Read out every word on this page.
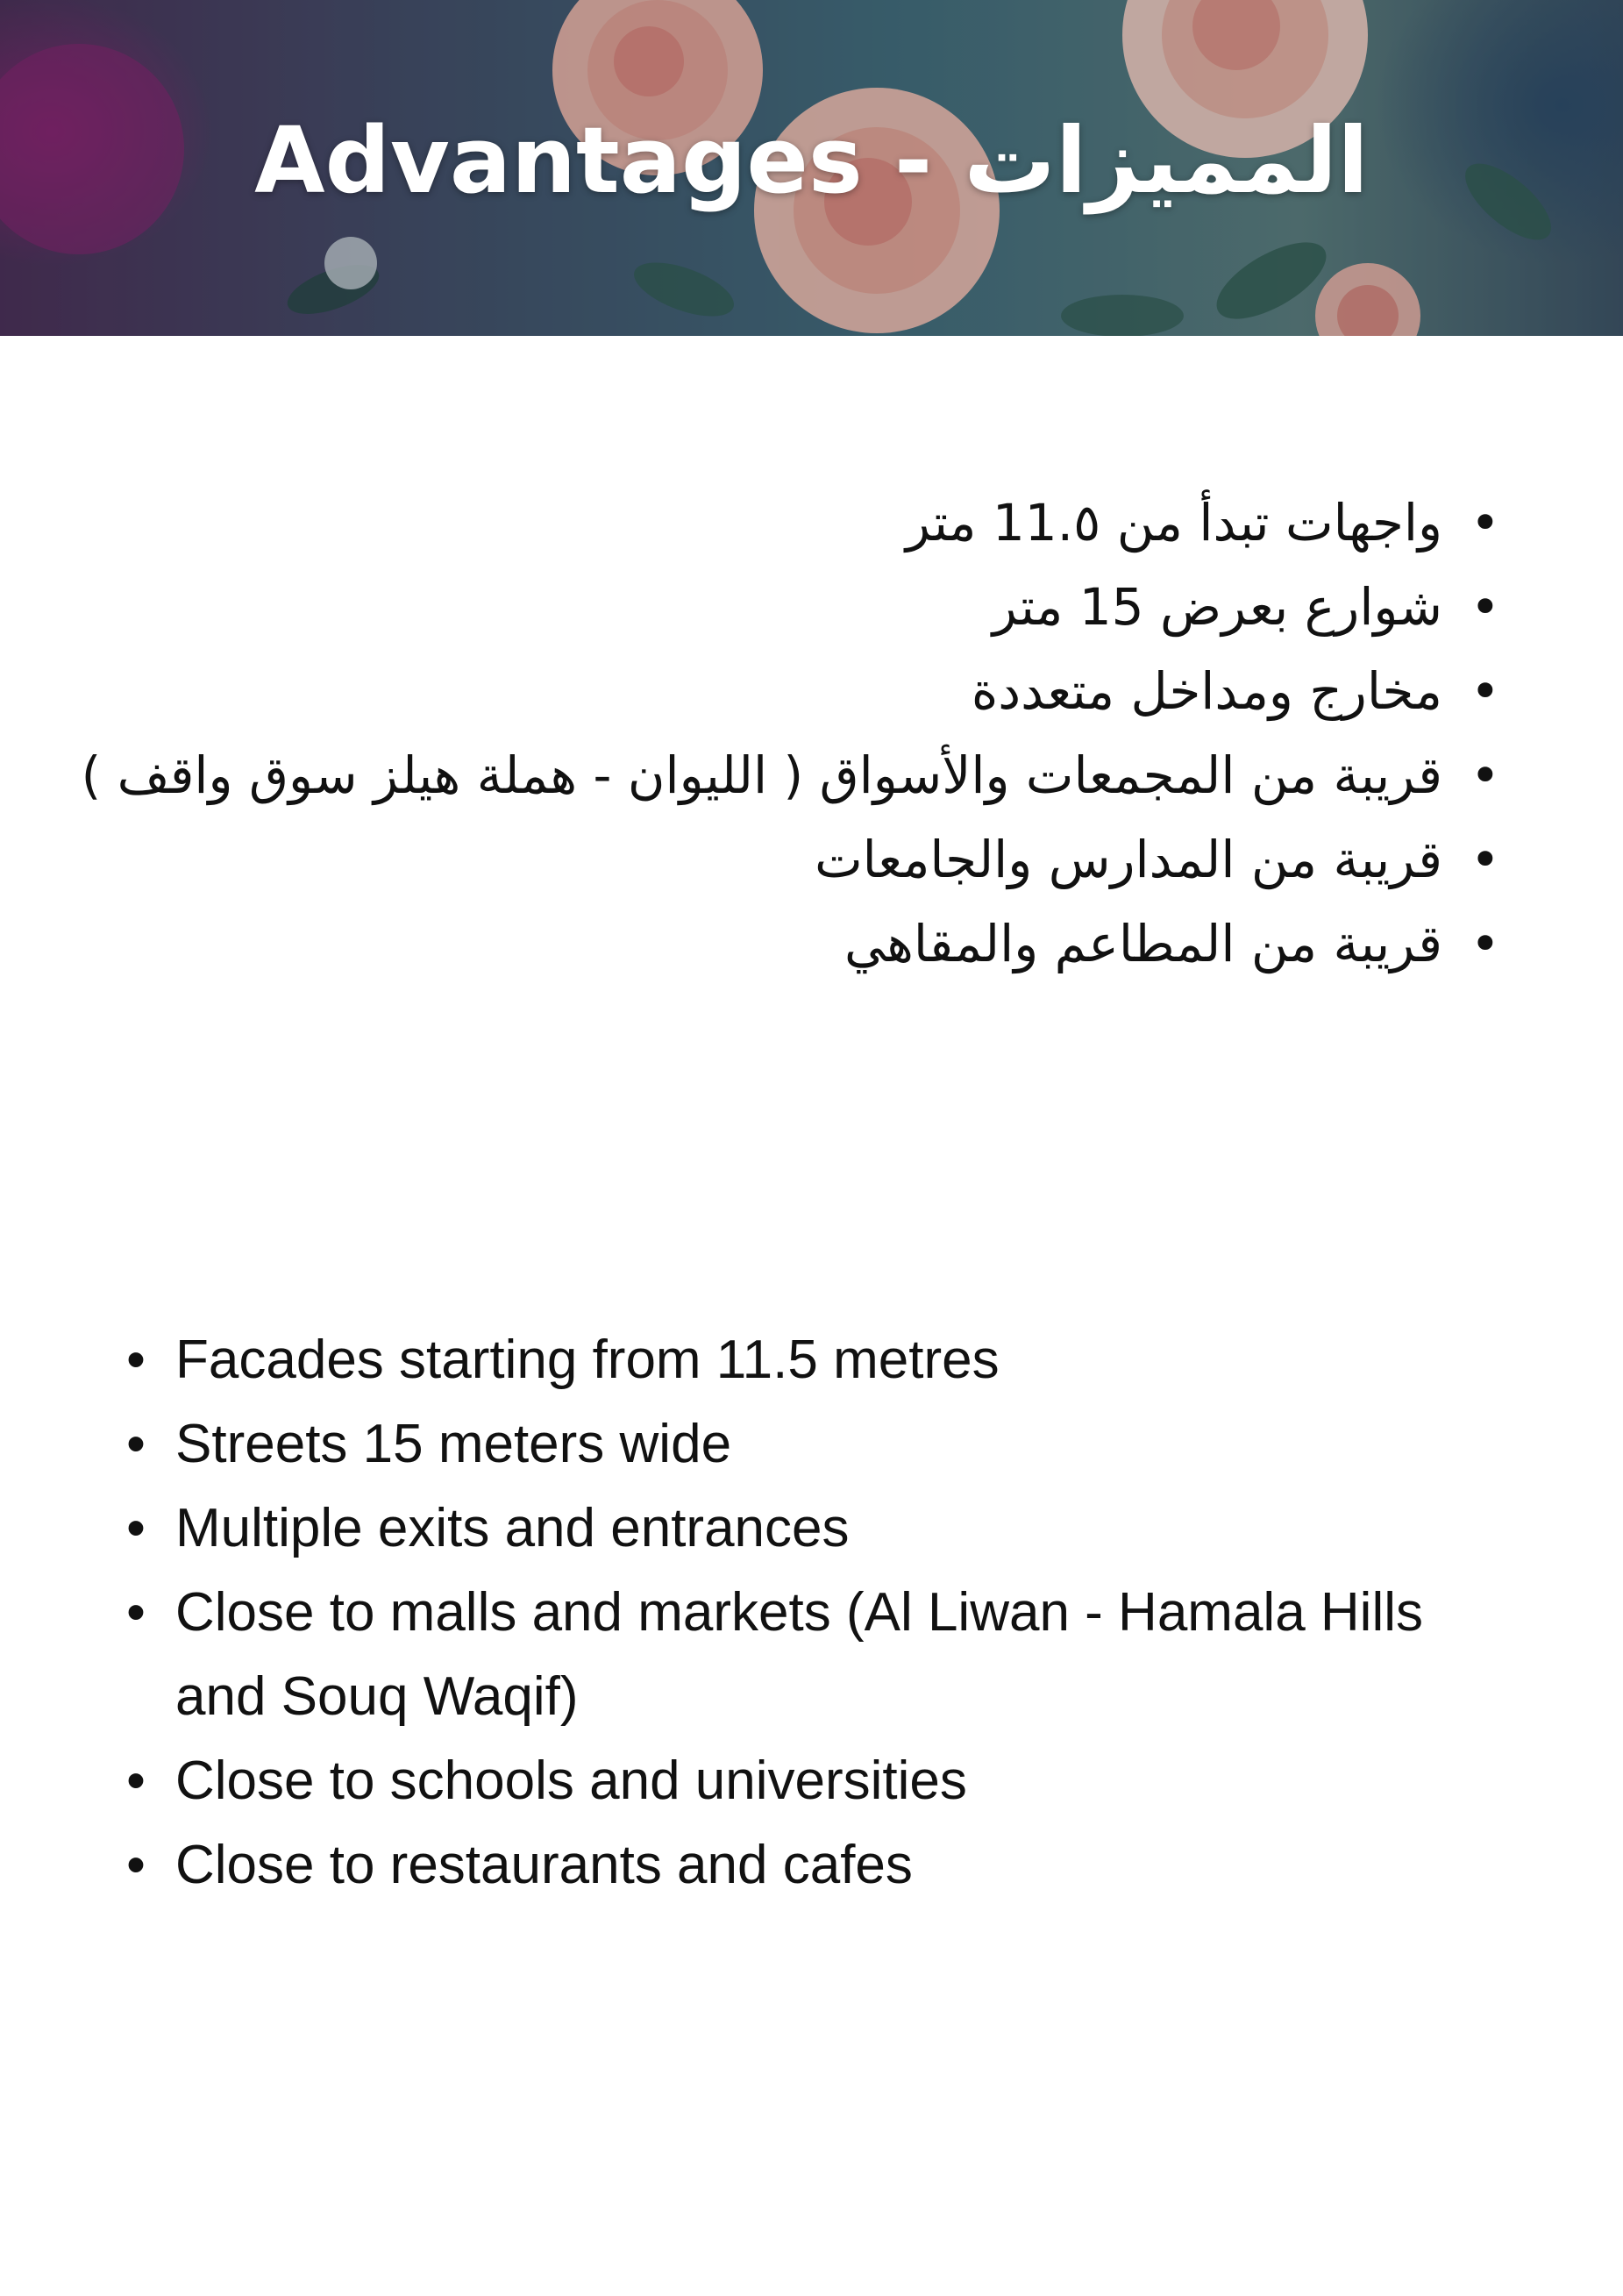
Advantages - المميزات
•
واجهات تبدأ من 11.٥ متر
•
شوارع بعرض 15 متر
•
مخارج ومداخل متعددة
•
قريبة من المجمعات والأسواق ( الليوان - هملة هيلز سوق واقف )
•
قريبة من المدارس والجامعات
•
قريبة من المطاعم والمقاهي
• Facades starting from 11.5 metres
• Streets 15 meters wide
• Multiple exits and entrances
• Close to malls and markets (Al Liwan - Hamala Hills and Souq Waqif)
• Close to schools and universities
• Close to restaurants and cafes
